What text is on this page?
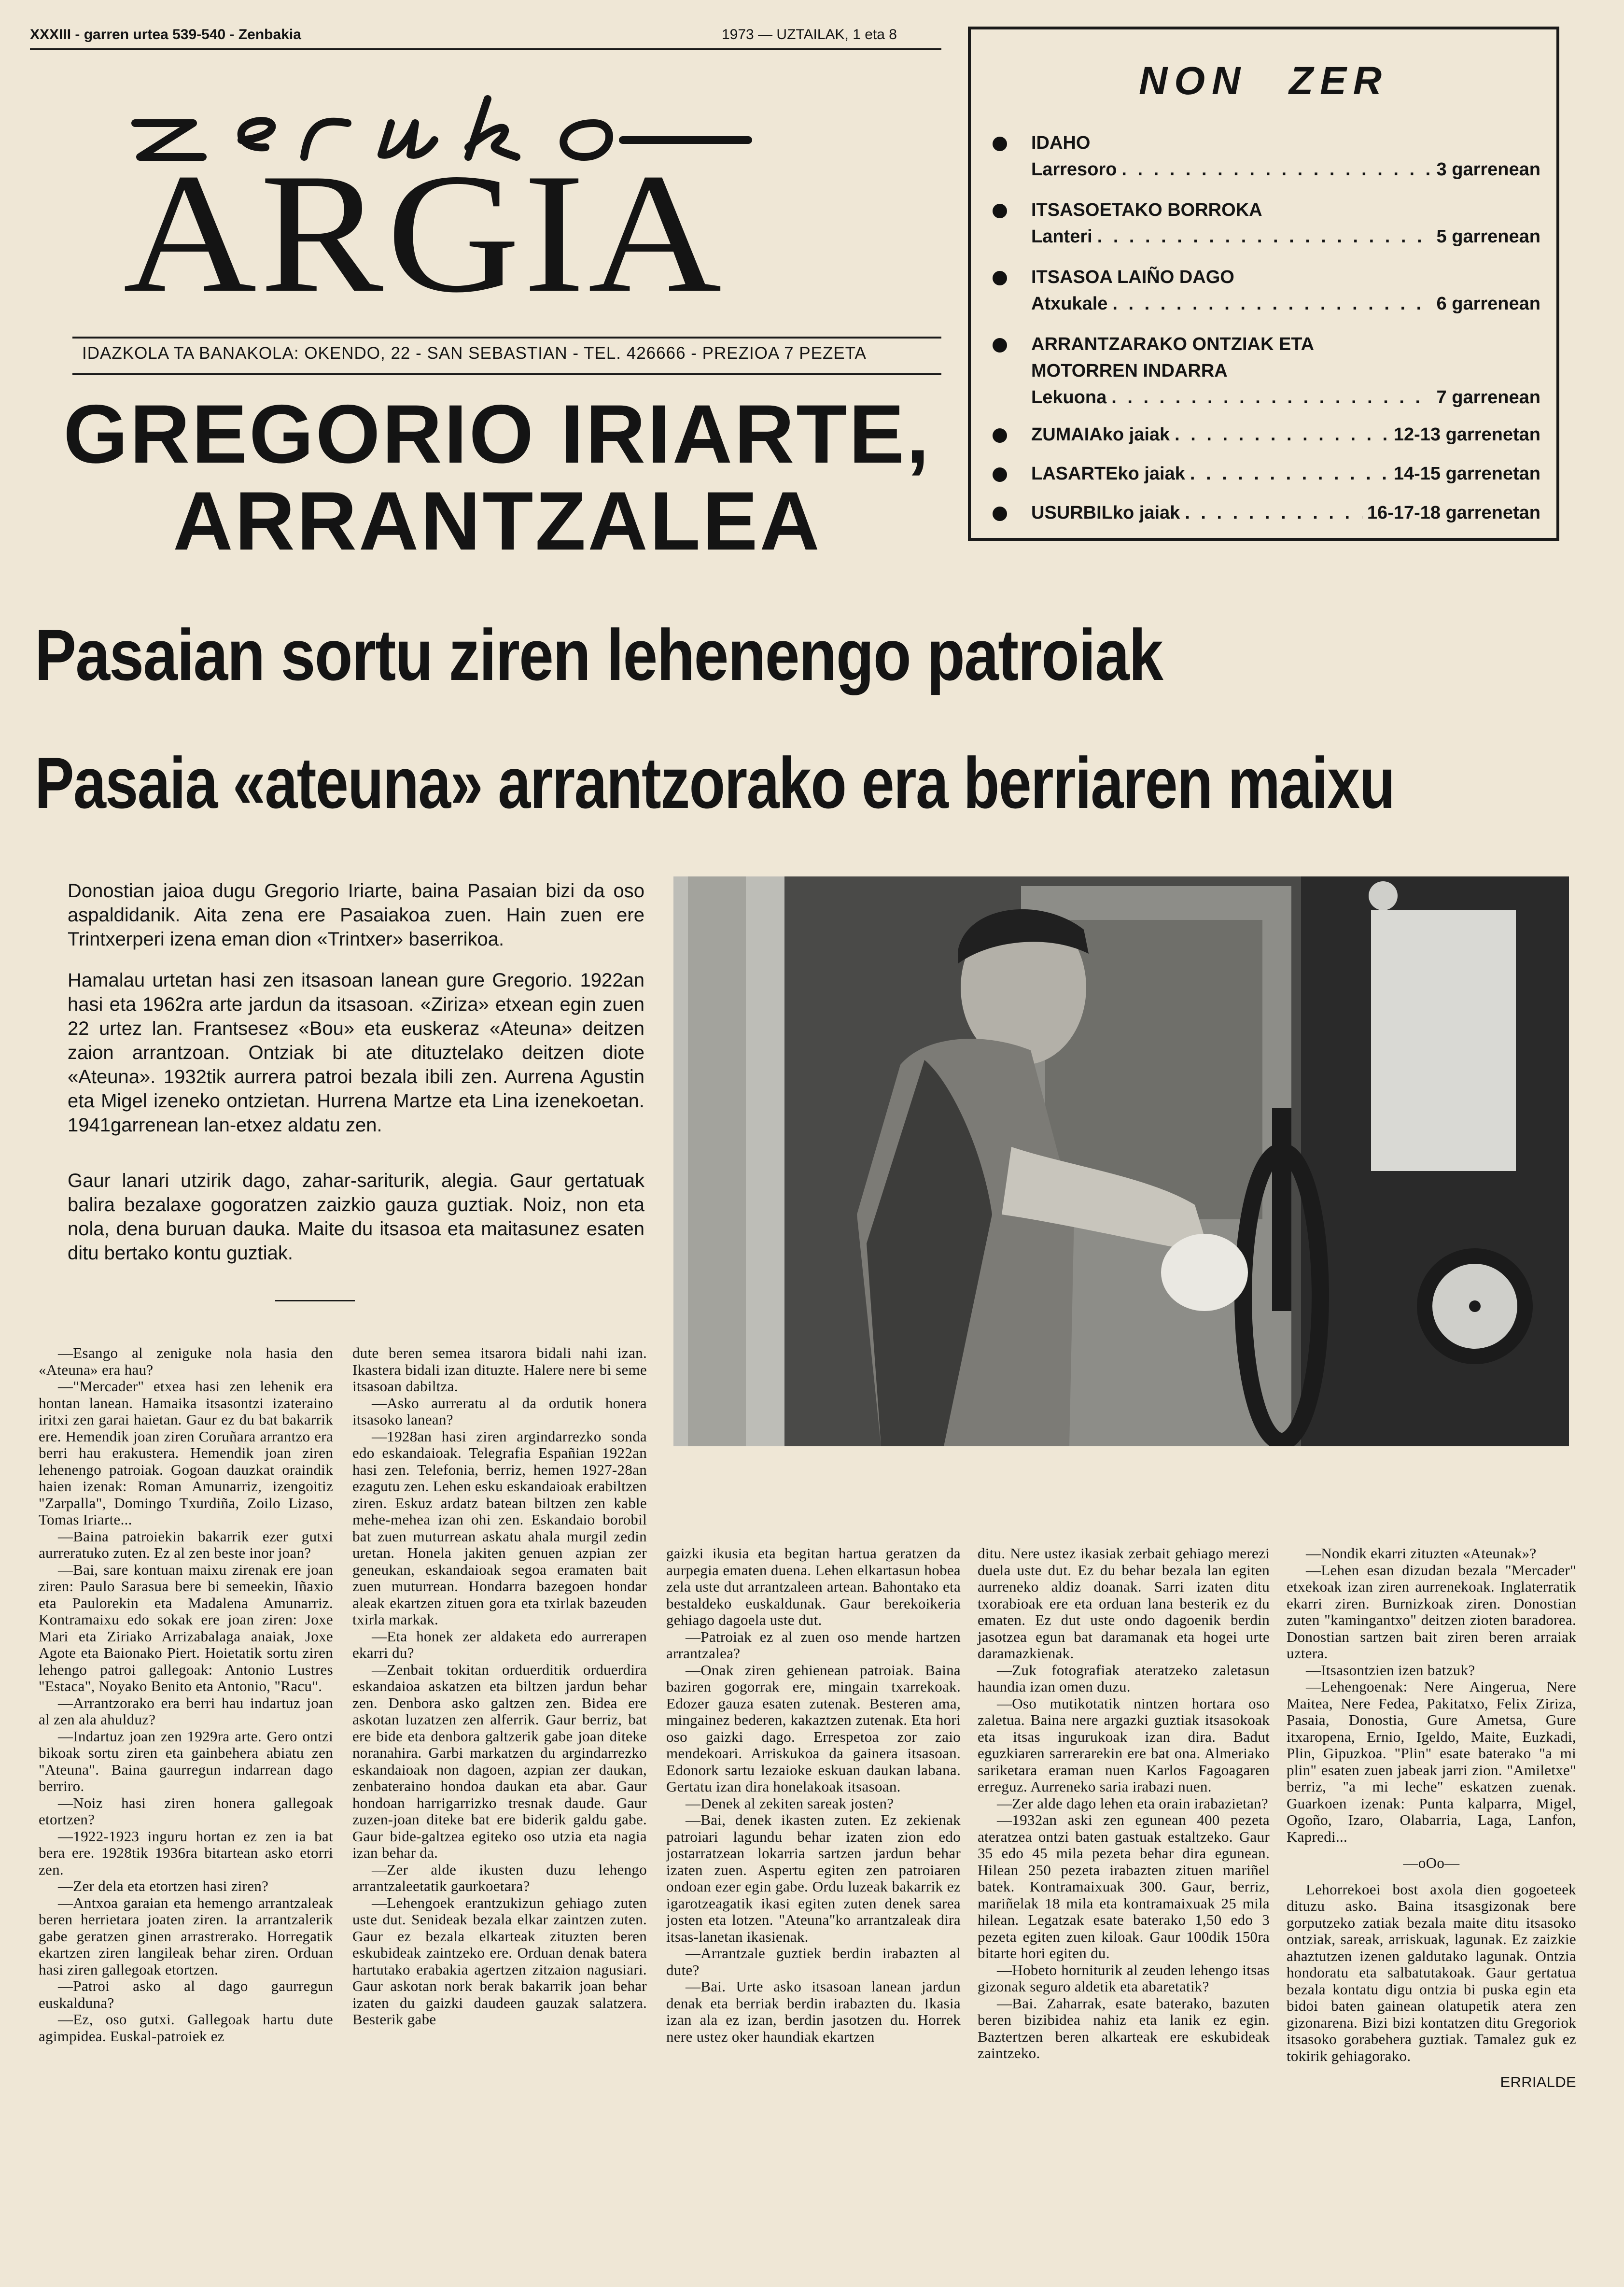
XXXIII - garren urtea 539-540 - Zenbakia	1973 — UZTAILAK, 1 eta 8
ARGIA
IDAZKOLA TA BANAKOLA: OKENDO, 22 - SAN SEBASTIAN - TEL. 426666 - PREZIOA 7 PEZETA
NON ZER
IDAHO
Larresoro . . .	3 garrenean
ITSASOETAKO BORROKA
Lanteri . . .	5 garrenean
ITSASOA LAIÑO DAGO
Atxukale . . .	6 garrenean
ARRANTZARAKO ONTZIAK ETA MOTORREN INDARRA
Lekuona . . .	7 garrenean
ZUMAIAko jaiak . . .	12-13 garrenetan
LASARTEko jaiak . . .	14-15 garrenetan
USURBILko jaiak . . .	16-17-18 garrenetan
GREGORIO IRIARTE,
ARRANTZALEA
Pasaian sortu ziren lehenengo patroiak
Pasaia «ateuna» arrantzorako era berriaren maixu
Donostian jaioa dugu Gregorio Iriarte, baina Pasaian bizi da oso aspaldidanik. Aita zena ere Pasaiakoa zuen. Hain zuen ere Trintxerperi izena eman dion «Trintxer» baserrikoa.
Hamalau urtetan hasi zen itsasoan lanean gure Gregorio. 1922an hasi eta 1962ra arte jardun da itsasoan. «Ziriza» etxean egin zuen 22 urtez lan. Frantsesez «Bou» eta euskeraz «Ateuna» deitzen zaion arrantzoan. Ontziak bi ate dituztelako deitzen diote «Ateuna». 1932tik aurrera patroi bezala ibili zen. Aurrena Agustin eta Migel izeneko ontzietan. Hurrena Martze eta Lina izenekoetan. 1941garrenean lan-etxez aldatu zen.
Gaur lanari utzirik dago, zahar-sariturik, alegia. Gaur gertatuak balira bezalaxe gogoratzen zaizkio gauza guztiak. Noiz, non eta nola, dena buruan dauka. Maite du itsasoa eta maitasunez esaten ditu bertako kontu guztiak.

—Esango al zeniguke nola hasia den «Ateuna» era hau?

—"Mercader" etxea hasi zen lehenik era hontan lanean. Hamaika itsasontzi izateraino iritxi zen garai haietan. Gaur ez du bat bakarrik ere. Hemendik joan ziren Coruñara arrantzo era berri hau erakustera. Hemendik joan ziren lehenengo patroiak. Gogoan dauzkat oraindik haien izenak: Roman Amunarriz, izengoitiz "Zarpalla", Domingo Txurdiña, Zoilo Lizaso, Tomas Iriarte...

—Baina patroiekin bakarrik ezer gutxi aurreratuko zuten. Ez al zen beste inor joan?

—Bai, sare kontuan maixu zirenak ere joan ziren: Paulo Sarasua bere bi semeekin, Iñaxio eta Paulorekin eta Madalena Amunarriz. Kontramaixu edo sokak ere joan ziren: Joxe Mari eta Ziriako Arrizabalaga anaiak, Joxe Agote eta Baionako Piert. Hoietatik sortu ziren lehengo patroi gallegoak: Antonio Lustres "Estaca", Noyako Benito eta Antonio, "Racu".

—Arrantzorako era berri hau indartuz joan al zen ala ahulduz?

—Indartuz joan zen 1929ra arte. Gero ontzi bikoak sortu ziren eta gainbehera abiatu zen "Ateuna". Baina gaurregun indarrean dago berriro.

—Noiz hasi ziren honera gallegoak etortzen?

—1922-1923 inguru hortan ez zen ia bat bera ere. 1928tik 1936ra bitartean asko etorri zen.

—Zer dela eta etortzen hasi ziren?

—Antxoa garaian eta hemengo arrantzaleak beren herrietara joaten ziren. Ia arrantzalerik gabe geratzen ginen arrastrerako. Horregatik ekartzen ziren langileak behar ziren. Orduan hasi ziren gallegoak etortzen.

—Patroi asko al dago gaurregun euskalduna?

—Ez, oso gutxi. Gallegoak hartu dute agimpidea. Euskal-patroiek ez

dute beren semea itsarora bidali nahi izan. Ikastera bidali izan dituzte. Halere nere bi seme itsasoan dabiltza.

—Asko aurreratu al da ordutik honera itsasoko lanean?

—1928an hasi ziren argindarrezko sonda edo eskandaioak. Telegrafia Españian 1922an hasi zen. Telefonia, berriz, hemen 1927-28an ezagutu zen. Lehen esku eskandaioak erabiltzen ziren. Eskuz ardatz batean biltzen zen kable mehe-mehea izan ohi zen. Eskandaio borobil bat zuen muturrean askatu ahala murgil zedin uretan. Honela jakiten genuen azpian zer geneukan, eskandaioak segoa eramaten bait zuen muturrean. Hondarra bazegoen hondar aleak ekartzen zituen gora eta txirlak bazeuden txirla markak.

—Eta honek zer aldaketa edo aurrerapen ekarri du?

—Zenbait tokitan orduerditik orduerdira eskandaioa askatzen eta biltzen jardun behar zen. Denbora asko galtzen zen. Bidea ere askotan luzatzen zen alferrik. Gaur berriz, bat ere bide eta denbora galtzerik gabe joan diteke noranahira. Garbi markatzen du argindarrezko eskandaioak non dagoen, azpian zer daukan, zenbateraino hondoa daukan eta abar. Gaur hondoan harrigarrizko tresnak daude. Gaur zuzen-joan diteke bat ere biderik galdu gabe. Gaur bide-galtzea egiteko oso utzia eta nagia izan behar da.

—Zer alde ikusten duzu lehengo arrantzaleetatik gaurkoetara?

—Lehengoek erantzukizun gehiago zuten uste dut. Senideak bezala elkar zaintzen zuten. Gaur ez bezala elkarteak zituzten beren eskubideak zaintzeko ere. Orduan denak batera hartutako erabakia agertzen zitzaion nagusiari. Gaur askotan nork berak bakarrik joan behar izaten du gaizki daudeen gauzak salatzera. Besterik gabe

gaizki ikusia eta begitan hartua geratzen da aurpegia ematen duena. Lehen elkartasun hobea zela uste dut arrantzaleen artean. Bahontako eta bestaldeko euskaldunak. Gaur berekoikeria gehiago dagoela uste dut.

—Patroiak ez al zuen oso mende hartzen arrantzalea?

—Onak ziren gehienean patroiak. Baina baziren gogorrak ere, mingain txarrekoak. Edozer gauza esaten zutenak. Besteren ama, mingainez bederen, kakaztzen zutenak. Eta hori oso gaizki dago. Errespetoa zor zaio mendekoari. Arriskukoa da gainera itsasoan. Edonork sartu lezaioke eskuan daukan labana. Gertatu izan dira honelakoak itsasoan.

—Denek al zekiten sareak josten?

—Bai, denek ikasten zuten. Ez zekienak patroiari lagundu behar izaten zion edo jostarratzean lokarria sartzen jardun behar izaten zuen. Aspertu egiten zen patroiaren ondoan ezer egin gabe. Ordu luzeak bakarrik ez igarotzeagatik ikasi egiten zuten denek sarea josten eta lotzen. "Ateuna"ko arrantzaleak dira itsas-lanetan ikasienak.

—Arrantzale guztiek berdin irabazten al dute?

—Bai. Urte asko itsasoan lanean jardun denak eta berriak berdin irabazten du. Ikasia izan ala ez izan, berdin jasotzen du. Horrek nere ustez oker haundiak ekartzen

ditu. Nere ustez ikasiak zerbait gehiago merezi duela uste dut. Ez du behar bezala lan egiten aurreneko aldiz doanak. Sarri izaten ditu txorabioak ere eta orduan lana besterik ez du ematen. Ez dut uste ondo dagoenik berdin jasotzea egun bat daramanak eta hogei urte daramazkienak.

—Zuk fotografiak ateratzeko zaletasun haundia izan omen duzu.

—Oso mutikotatik nintzen hortara oso zaletua. Baina nere argazki guztiak itsasokoak eta itsas ingurukoak izan dira. Badut eguzkiaren sarrerarekin ere bat ona. Almeriako sariketara eraman nuen Karlos Fagoagaren erreguz. Aurreneko saria irabazi nuen.

—Zer alde dago lehen eta orain irabazietan?

—1932an aski zen egunean 400 pezeta ateratzea ontzi baten gastuak estaltzeko. Gaur 35 edo 45 mila pezeta behar dira egunean. Hilean 250 pezeta irabazten zituen mariñel batek. Kontramaixuak 300. Gaur, berriz, mariñelak 18 mila eta kontramaixuak 25 mila hilean. Legatzak esate baterako 1,50 edo 3 pezeta egiten zuen kiloak. Gaur 100dik 150ra bitarte hori egiten du.

—Hobeto horniturik al zeuden lehengo itsas gizonak seguro aldetik eta abaretatik?

—Bai. Zaharrak, esate baterako, bazuten beren bizibidea nahiz eta lanik ez egin. Baztertzen beren alkarteak ere eskubideak zaintzeko.

—Nondik ekarri zituzten «Ateunak»?

—Lehen esan dizudan bezala "Mercader" etxekoak izan ziren aurrenekoak. Inglaterratik ekarri ziren. Burnizkoak ziren. Donostian zuten "kamingantxo" deitzen zioten baradorea. Donostian sartzen bait ziren beren arraiak uztera.

—Itsasontzien izen batzuk?

—Lehengoenak: Nere Aingerua, Nere Maitea, Nere Fedea, Pakitatxo, Felix Ziriza, Pasaia, Donostia, Gure Ametsa, Gure itxaropena, Ernio, Igeldo, Maite, Euzkadi, Plin, Gipuzkoa. "Plin" esate baterako "a mi plin" esaten zuen jabeak jarri zion. "Amiletxe" berriz, "a mi leche" eskatzen zuenak. Guarkoen izenak: Punta kalparra, Migel, Ogoño, Izaro, Olabarria, Laga, Lanfon, Kapredi...

—oOo—

Lehorrekoei bost axola dien gogoeteek dituzu asko. Baina itsasgizonak bere gorputzeko zatiak bezala maite ditu itsasoko ontziak, sareak, arriskuak, lagunak. Ez zaizkie ahaztutzen izenen galdutako lagunak. Ontzia hondoratu eta salbatutakoak. Gaur gertatua bezala kontatu digu ontzia bi puska egin eta bidoi baten gainean olatupetik atera zen gizonarena. Bizi bizi kontatzen ditu Gregoriok itsasoko gorabehera guztiak. Tamalez guk ez tokirik gehiagorako.

ERRIALDE
